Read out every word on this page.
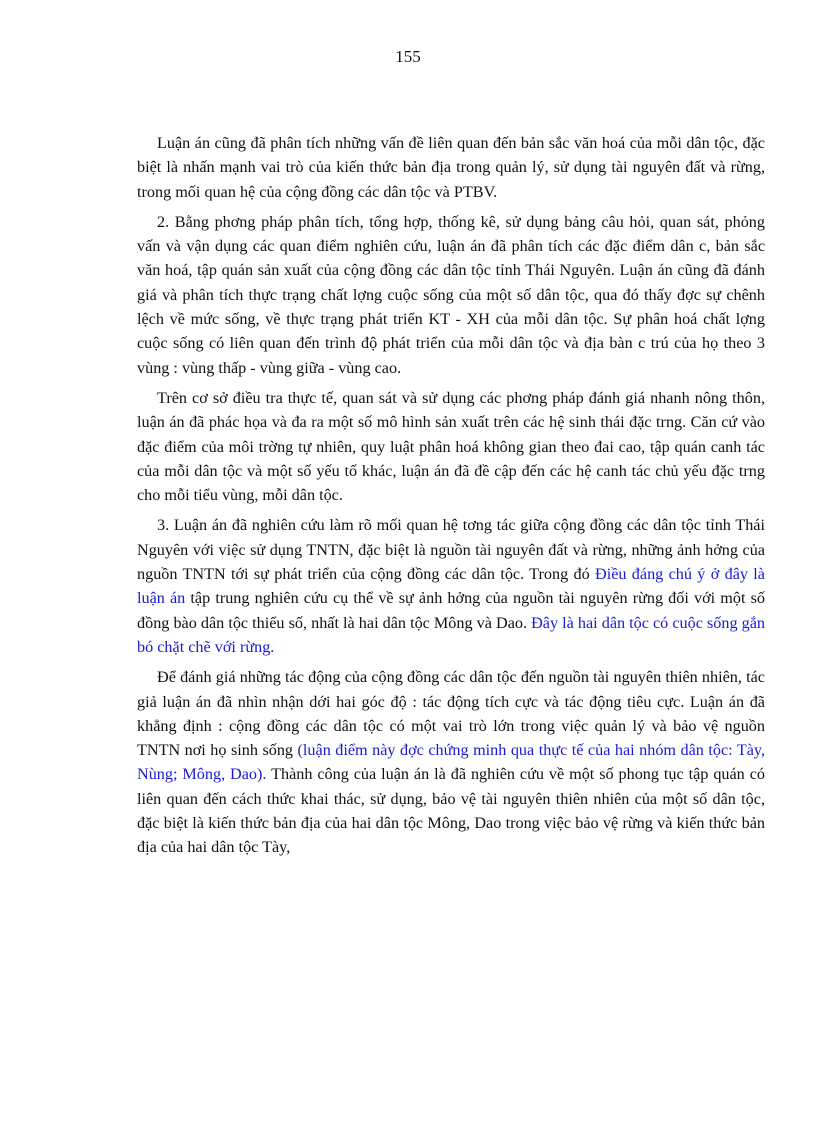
155

Luận án cũng đã phân tích những vấn đề liên quan đến bản sắc văn hoá của mỗi dân tộc, đặc biệt là nhấn mạnh vai trò của kiến thức bản địa trong quản lý, sử dụng tài nguyên đất và rừng, trong mối quan hệ của cộng đồng các dân tộc và PTBV.

2. Bằng phơng pháp phân tích, tổng hợp, thống kê, sử dụng bảng câu hỏi, quan sát, phỏng vấn và vận dụng các quan điểm nghiên cứu, luận án đã phân tích các đặc điểm dân c, bản sắc văn hoá, tập quán sản xuất của cộng đồng các dân tộc tỉnh Thái Nguyên. Luận án cũng đã đánh giá và phân tích thực trạng chất lợng cuộc sống của một số dân tộc, qua đó thấy đợc sự chênh lệch về mức sống, về thực trạng phát triển KT - XH của mỗi dân tộc. Sự phân hoá chất lợng cuộc sống có liên quan đến trình độ phát triển của mỗi dân tộc và địa bàn c trú của họ theo 3 vùng : vùng thấp - vùng giữa - vùng cao.

Trên cơ sở điều tra thực tế, quan sát và sử dụng các phơng pháp đánh giá nhanh nông thôn, luận án đã phác họa và đa ra một số mô hình sản xuất trên các hệ sinh thái đặc trng. Căn cứ vào đặc điểm của môi trờng tự nhiên, quy luật phân hoá không gian theo đai cao, tập quán canh tác của mỗi dân tộc và một số yếu tố khác, luận án đã đề cập đến các hệ canh tác chủ yếu đặc trng cho mỗi tiểu vùng, mỗi dân tộc.

3. Luận án đã nghiên cứu làm rõ mối quan hệ tơng tác giữa cộng đồng các dân tộc tỉnh Thái Nguyên với việc sử dụng TNTN, đặc biệt là nguồn tài nguyên đất và rừng, những ảnh hởng của nguồn TNTN tới sự phát triển của cộng đồng các dân tộc. Trong đó Điều đáng chú ý ở đây là luận án tập trung nghiên cứu cụ thể về sự ảnh hởng của nguồn tài nguyên rừng đối với một số đồng bào dân tộc thiểu số, nhất là hai dân tộc Mông và Dao. Đây là hai dân tộc có cuộc sống gắn bó chặt chẽ với rừng.

Để đánh giá những tác động của cộng đồng các dân tộc đến nguồn tài nguyên thiên nhiên, tác giả luận án đã nhìn nhận dới hai góc độ : tác động tích cực và tác động tiêu cực. Luận án đã khẳng định : cộng đồng các dân tộc có một vai trò lớn trong việc quản lý và bảo vệ nguồn TNTN nơi họ sinh sống (luận điểm này đợc chứng minh qua thực tế của hai nhóm dân tộc: Tày, Nùng; Mông, Dao). Thành công của luận án là đã nghiên cứu về một số phong tục tập quán có liên quan đến cách thức khai thác, sử dụng, bảo vệ tài nguyên thiên nhiên của một số dân tộc, đặc biệt là kiến thức bản địa của hai dân tộc Mông, Dao trong việc bảo vệ rừng và kiến thức bản địa của hai dân tộc Tày,
